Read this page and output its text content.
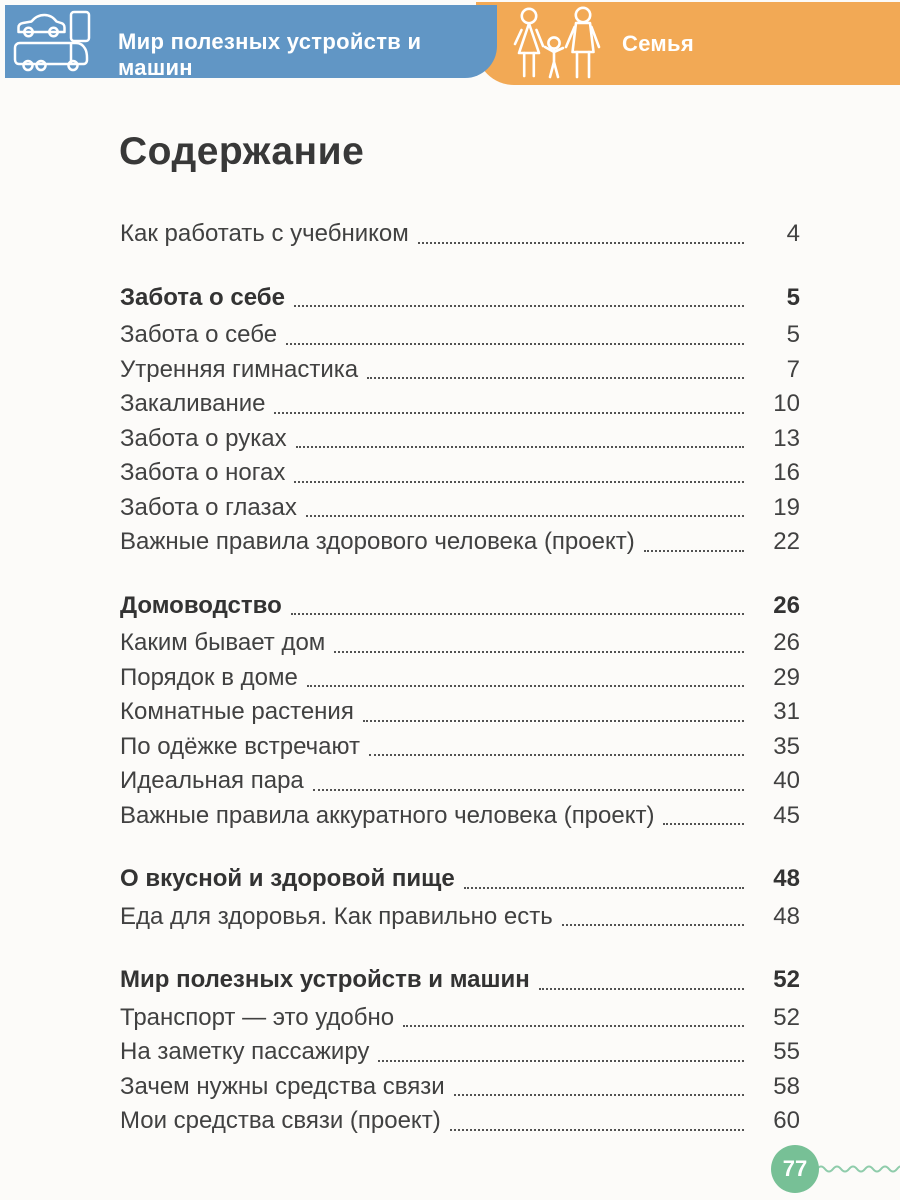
Семья
Мир полезных устройств и машин
Содержание
Как работать с учебником	4
Забота о себе	5
Забота о себе	5
Утренняя гимнастика	7
Закаливание	10
Забота о руках	13
Забота о ногах	16
Забота о глазах	19
Важные правила здорового человека (проект)	22
Домоводство	26
Каким бывает дом	26
Порядок в доме	29
Комнатные растения	31
По одёжке встречают	35
Идеальная пара	40
Важные правила аккуратного человека (проект)	45
О вкусной и здоровой пище	48
Еда для здоровья. Как правильно есть	48
Мир полезных устройств и машин	52
Транспорт — это удобно	52
На заметку пассажиру	55
Зачем нужны средства связи	58
Мои средства связи (проект)	60
77
